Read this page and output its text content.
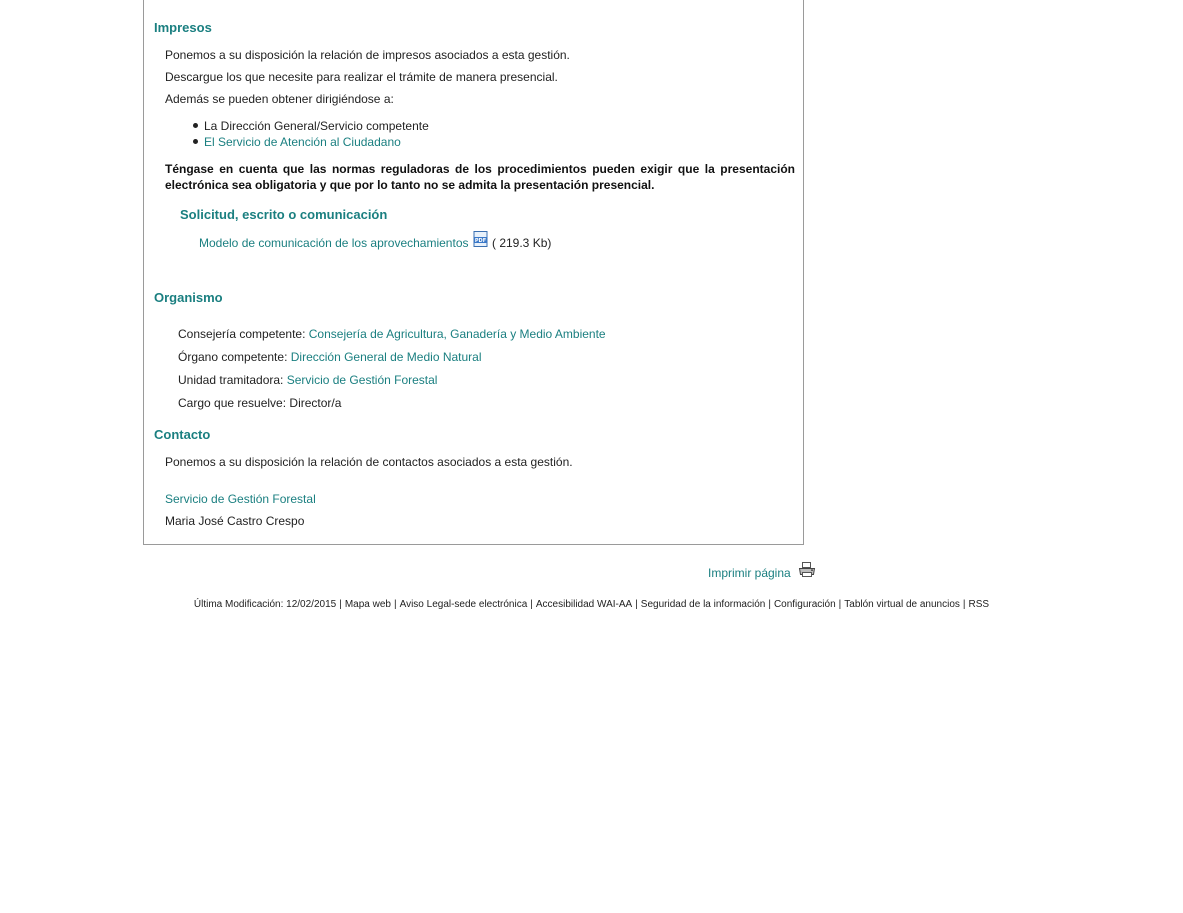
Impresos
Ponemos a su disposición la relación de impresos asociados a esta gestión.
Descargue los que necesite para realizar el trámite de manera presencial.
Además se pueden obtener dirigiéndose a:
La Dirección General/Servicio competente
El Servicio de Atención al Ciudadano

Téngase en cuenta que las normas reguladoras de los procedimientos pueden exigir que la presentación electrónica sea obligatoria y que por lo tanto no se admita la presentación presencial.

Solicitud, escrito o comunicación
Modelo de comunicación de los aprovechamientos PDF ( 219.3 Kb)
Organismo
Consejería competente: Consejería de Agricultura, Ganadería y Medio Ambiente
Órgano competente: Dirección General de Medio Natural
Unidad tramitadora: Servicio de Gestión Forestal
Cargo que resuelve: Director/a
Contacto
Ponemos a su disposición la relación de contactos asociados a esta gestión.
Servicio de Gestión Forestal
Maria José Castro Crespo
Imprimir página
Última Modificación: 12/02/2015 | Mapa web | Aviso Legal-sede electrónica | Accesibilidad WAI-AA | Seguridad de la información | Configuración | Tablón virtual de anuncios | RSS
